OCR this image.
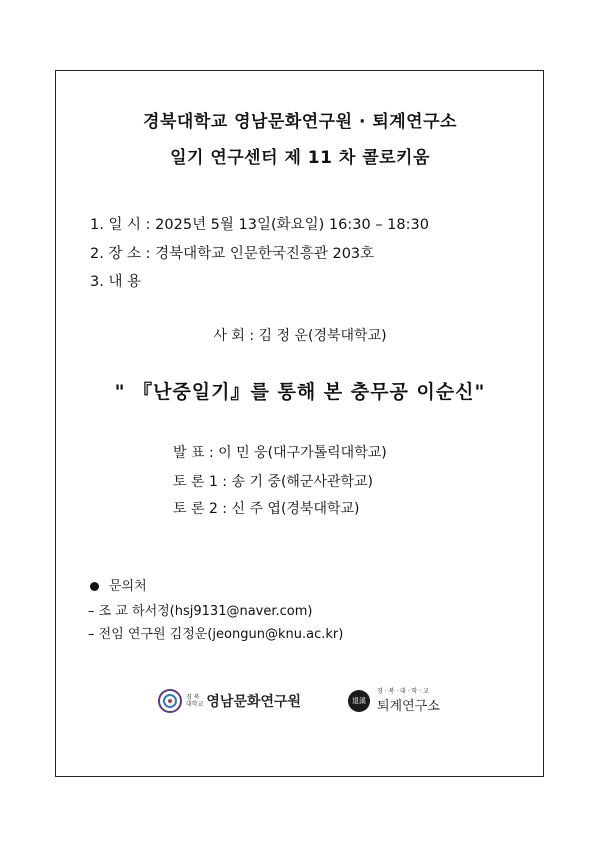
경북대학교 영남문화연구원 · 퇴계연구소
일기 연구센터 제 11 차 콜로키움
1. 일 시 : 2025년 5월 13일(화요일) 16:30 – 18:30
2. 장 소 : 경북대학교 인문한국진흥관 203호
3. 내 용
사 회 : 김 정 운(경북대학교)
" 『난중일기』를 통해 본 충무공 이순신"
발 표 : 이 민 웅(대구가톨릭대학교)
토 론 1 : 송 기 중(해군사관학교)
토 론 2 : 신 주 엽(경북대학교)
문의처
– 조 교 하서정(hsj9131@naver.com)
– 전임 연구원 김정운(jeongun@knu.ac.kr)
경 북
대학교 영남문화연구원	退溪
경 · 북 · 대 · 학 · 교
퇴계연구소
